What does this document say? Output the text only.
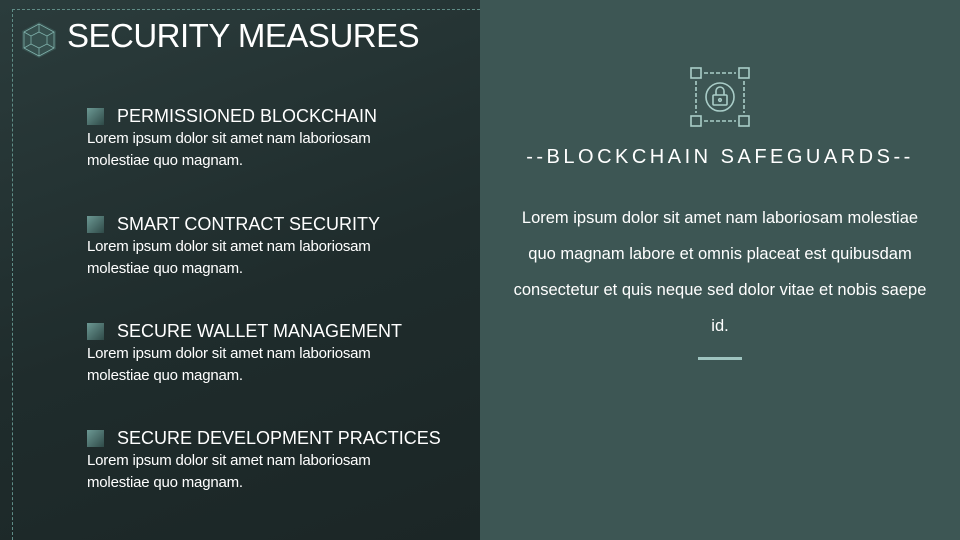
SECURITY MEASURES
PERMISSIONED BLOCKCHAIN
Lorem ipsum dolor sit amet nam laboriosam molestiae quo magnam.
SMART CONTRACT SECURITY
Lorem ipsum dolor sit amet nam laboriosam molestiae quo magnam.
SECURE WALLET MANAGEMENT
Lorem ipsum dolor sit amet nam laboriosam molestiae quo magnam.
SECURE DEVELOPMENT PRACTICES
Lorem ipsum dolor sit amet nam laboriosam molestiae quo magnam.
--BLOCKCHAIN SAFEGUARDS--
Lorem ipsum dolor sit amet nam laboriosam molestiae quo magnam labore et omnis placeat est quibusdam consectetur et quis neque sed dolor vitae et nobis saepe id.
